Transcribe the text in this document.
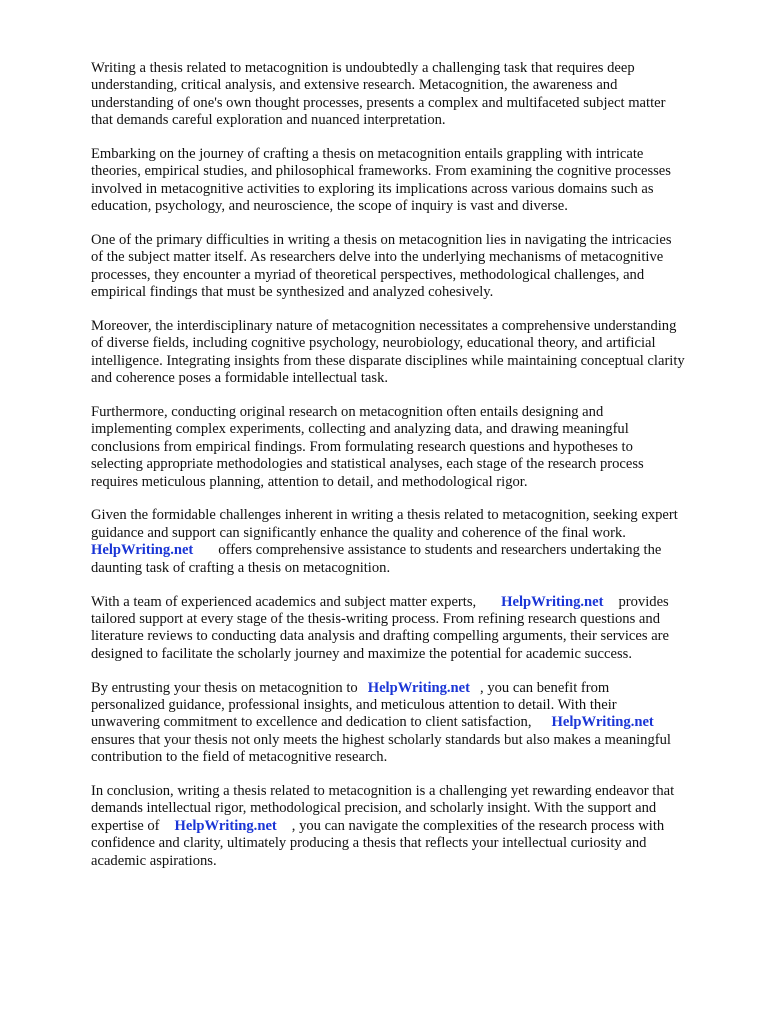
Writing a thesis related to metacognition is undoubtedly a challenging task that requires deep
understanding, critical analysis, and extensive research. Metacognition, the awareness and
understanding of one's own thought processes, presents a complex and multifaceted subject matter
that demands careful exploration and nuanced interpretation.

Embarking on the journey of crafting a thesis on metacognition entails grappling with intricate
theories, empirical studies, and philosophical frameworks. From examining the cognitive processes
involved in metacognitive activities to exploring its implications across various domains such as
education, psychology, and neuroscience, the scope of inquiry is vast and diverse.

One of the primary difficulties in writing a thesis on metacognition lies in navigating the intricacies
of the subject matter itself. As researchers delve into the underlying mechanisms of metacognitive
processes, they encounter a myriad of theoretical perspectives, methodological challenges, and
empirical findings that must be synthesized and analyzed cohesively.

Moreover, the interdisciplinary nature of metacognition necessitates a comprehensive understanding
of diverse fields, including cognitive psychology, neurobiology, educational theory, and artificial
intelligence. Integrating insights from these disparate disciplines while maintaining conceptual clarity
and coherence poses a formidable intellectual task.

Furthermore, conducting original research on metacognition often entails designing and
implementing complex experiments, collecting and analyzing data, and drawing meaningful
conclusions from empirical findings. From formulating research questions and hypotheses to
selecting appropriate methodologies and statistical analyses, each stage of the research process
requires meticulous planning, attention to detail, and methodological rigor.

Given the formidable challenges inherent in writing a thesis related to metacognition, seeking expert
guidance and support can significantly enhance the quality and coherence of the final work.
HelpWriting.net offers comprehensive assistance to students and researchers undertaking the
daunting task of crafting a thesis on metacognition.

With a team of experienced academics and subject matter experts, HelpWriting.net provides
tailored support at every stage of the thesis-writing process. From refining research questions and
literature reviews to conducting data analysis and drafting compelling arguments, their services are
designed to facilitate the scholarly journey and maximize the potential for academic success.

By entrusting your thesis on metacognition to HelpWriting.net , you can benefit from
personalized guidance, professional insights, and meticulous attention to detail. With their
unwavering commitment to excellence and dedication to client satisfaction, HelpWriting.net
ensures that your thesis not only meets the highest scholarly standards but also makes a meaningful
contribution to the field of metacognitive research.

In conclusion, writing a thesis related to metacognition is a challenging yet rewarding endeavor that
demands intellectual rigor, methodological precision, and scholarly insight. With the support and
expertise of HelpWriting.net , you can navigate the complexities of the research process with
confidence and clarity, ultimately producing a thesis that reflects your intellectual curiosity and
academic aspirations.
